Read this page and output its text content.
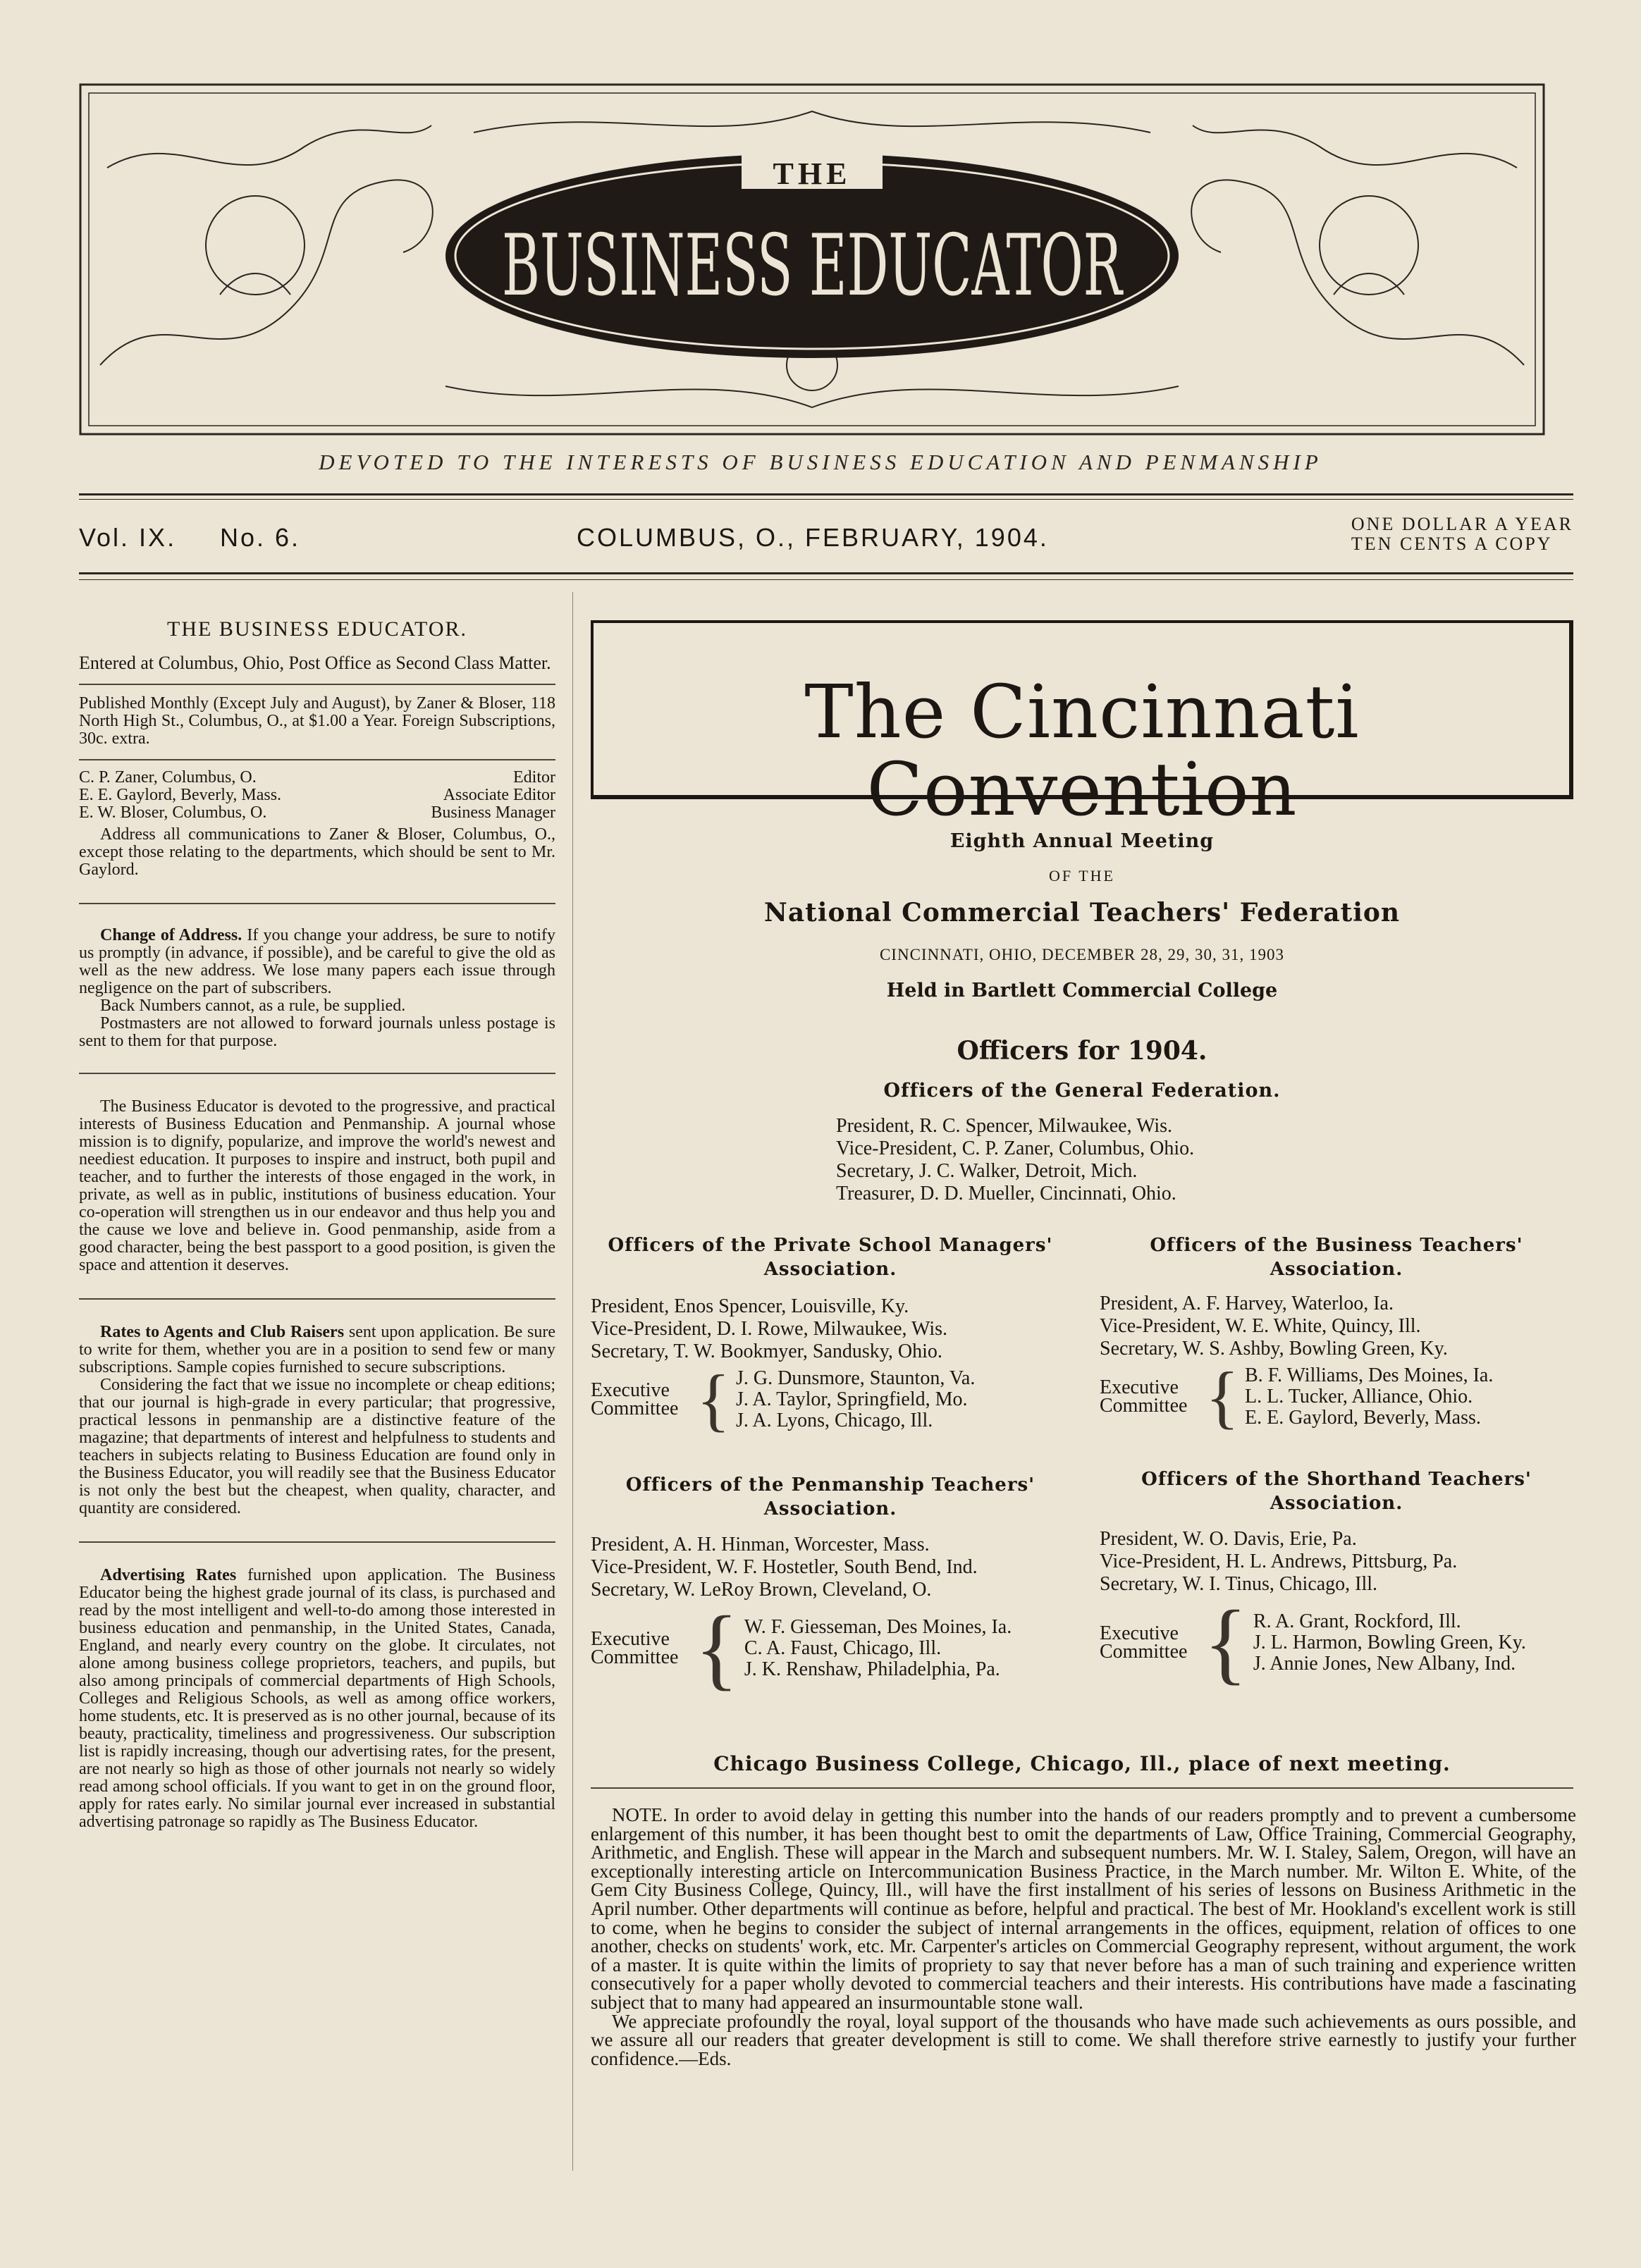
THE
BUSINESS EDUCATOR
DEVOTED TO THE INTERESTS OF BUSINESS EDUCATION AND PENMANSHIP
Vol. IX. No. 6.	COLUMBUS, O., FEBRUARY, 1904.	ONE DOLLAR A YEAR
TEN CENTS A COPY
THE BUSINESS EDUCATOR.

Entered at Columbus, Ohio, Post Office as Second Class Matter.

Published Monthly (Except July and August), by Zaner & Bloser, 118 North High St., Columbus, O., at $1.00 a Year. Foreign Subscriptions, 30c. extra.

C. P. Zaner, Columbus, O.	Editor
E. E. Gaylord, Beverly, Mass.	Associate Editor
E. W. Bloser, Columbus, O.	Business Manager

Address all communications to Zaner & Bloser, Columbus, O., except those relating to the departments, which should be sent to Mr. Gaylord.

Change of Address. If you change your address, be sure to notify us promptly (in advance, if possible), and be careful to give the old as well as the new address. We lose many papers each issue through negligence on the part of subscribers.

Back Numbers cannot, as a rule, be supplied.

Postmasters are not allowed to forward journals unless postage is sent to them for that purpose.

The Business Educator is devoted to the progressive, and practical interests of Business Education and Penmanship. A journal whose mission is to dignify, popularize, and improve the world's newest and neediest education. It purposes to inspire and instruct, both pupil and teacher, and to further the interests of those engaged in the work, in private, as well as in public, institutions of business education. Your co-operation will strengthen us in our endeavor and thus help you and the cause we love and believe in. Good penmanship, aside from a good character, being the best passport to a good position, is given the space and attention it deserves.

Rates to Agents and Club Raisers sent upon application. Be sure to write for them, whether you are in a position to send few or many subscriptions. Sample copies furnished to secure subscriptions.

Considering the fact that we issue no incomplete or cheap editions; that our journal is high-grade in every particular; that progressive, practical lessons in penmanship are a distinctive feature of the magazine; that departments of interest and helpfulness to students and teachers in subjects relating to Business Education are found only in the Business Educator, you will readily see that the Business Educator is not only the best but the cheapest, when quality, character, and quantity are considered.

Advertising Rates furnished upon application. The Business Educator being the highest grade journal of its class, is purchased and read by the most intelligent and well-to-do among those interested in business education and penmanship, in the United States, Canada, England, and nearly every country on the globe. It circulates, not alone among business college proprietors, teachers, and pupils, but also among principals of commercial departments of High Schools, Colleges and Religious Schools, as well as among office workers, home students, etc. It is preserved as is no other journal, because of its beauty, practicality, timeliness and progressiveness. Our subscription list is rapidly increasing, though our advertising rates, for the present, are not nearly so high as those of other journals not nearly so widely read among school officials. If you want to get in on the ground floor, apply for rates early. No similar journal ever increased in substantial advertising patronage so rapidly as The Business Educator.

The Cincinnati Convention
Eighth Annual Meeting
OF THE
National Commercial Teachers' Federation
CINCINNATI, OHIO, DECEMBER 28, 29, 30, 31, 1903
Held in Bartlett Commercial College
Officers for 1904.
Officers of the General Federation.
President, R. C. Spencer, Milwaukee, Wis.
Vice-President, C. P. Zaner, Columbus, Ohio.
Secretary, J. C. Walker, Detroit, Mich.
Treasurer, D. D. Mueller, Cincinnati, Ohio.
Officers of the Private School Managers' Association.
President, Enos Spencer, Louisville, Ky.
Vice-President, D. I. Rowe, Milwaukee, Wis.
Secretary, T. W. Bookmyer, Sandusky, Ohio.
Executive Committee { J. G. Dunsmore, Staunton, Va.
J. A. Taylor, Springfield, Mo.
J. A. Lyons, Chicago, Ill.
Officers of the Business Teachers' Association.
President, A. F. Harvey, Waterloo, Ia.
Vice-President, W. E. White, Quincy, Ill.
Secretary, W. S. Ashby, Bowling Green, Ky.
Executive Committee { B. F. Williams, Des Moines, Ia.
L. L. Tucker, Alliance, Ohio.
E. E. Gaylord, Beverly, Mass.
Officers of the Penmanship Teachers' Association.
President, A. H. Hinman, Worcester, Mass.
Vice-President, W. F. Hostetler, South Bend, Ind.
Secretary, W. LeRoy Brown, Cleveland, O.
Executive Committee { W. F. Giesseman, Des Moines, Ia.
C. A. Faust, Chicago, Ill.
J. K. Renshaw, Philadelphia, Pa.
Officers of the Shorthand Teachers' Association.
President, W. O. Davis, Erie, Pa.
Vice-President, H. L. Andrews, Pittsburg, Pa.
Secretary, W. I. Tinus, Chicago, Ill.
Executive Committee { R. A. Grant, Rockford, Ill.
J. L. Harmon, Bowling Green, Ky.
J. Annie Jones, New Albany, Ind.
Chicago Business College, Chicago, Ill., place of next meeting.

NOTE. In order to avoid delay in getting this number into the hands of our readers promptly and to prevent a cumbersome enlargement of this number, it has been thought best to omit the departments of Law, Office Training, Commercial Geography, Arithmetic, and English. These will appear in the March and subsequent numbers. Mr. W. I. Staley, Salem, Oregon, will have an exceptionally interesting article on Intercommunication Business Practice, in the March number. Mr. Wilton E. White, of the Gem City Business College, Quincy, Ill., will have the first installment of his series of lessons on Business Arithmetic in the April number. Other departments will continue as before, helpful and practical. The best of Mr. Hookland's excellent work is still to come, when he begins to consider the subject of internal arrangements in the offices, equipment, relation of offices to one another, checks on students' work, etc. Mr. Carpenter's articles on Commercial Geography represent, without argument, the work of a master. It is quite within the limits of propriety to say that never before has a man of such training and experience written consecutively for a paper wholly devoted to commercial teachers and their interests. His contributions have made a fascinating subject that to many had appeared an insurmountable stone wall.

We appreciate profoundly the royal, loyal support of the thousands who have made such achievements as ours possible, and we assure all our readers that greater development is still to come. We shall therefore strive earnestly to justify your further confidence.—Eds.
